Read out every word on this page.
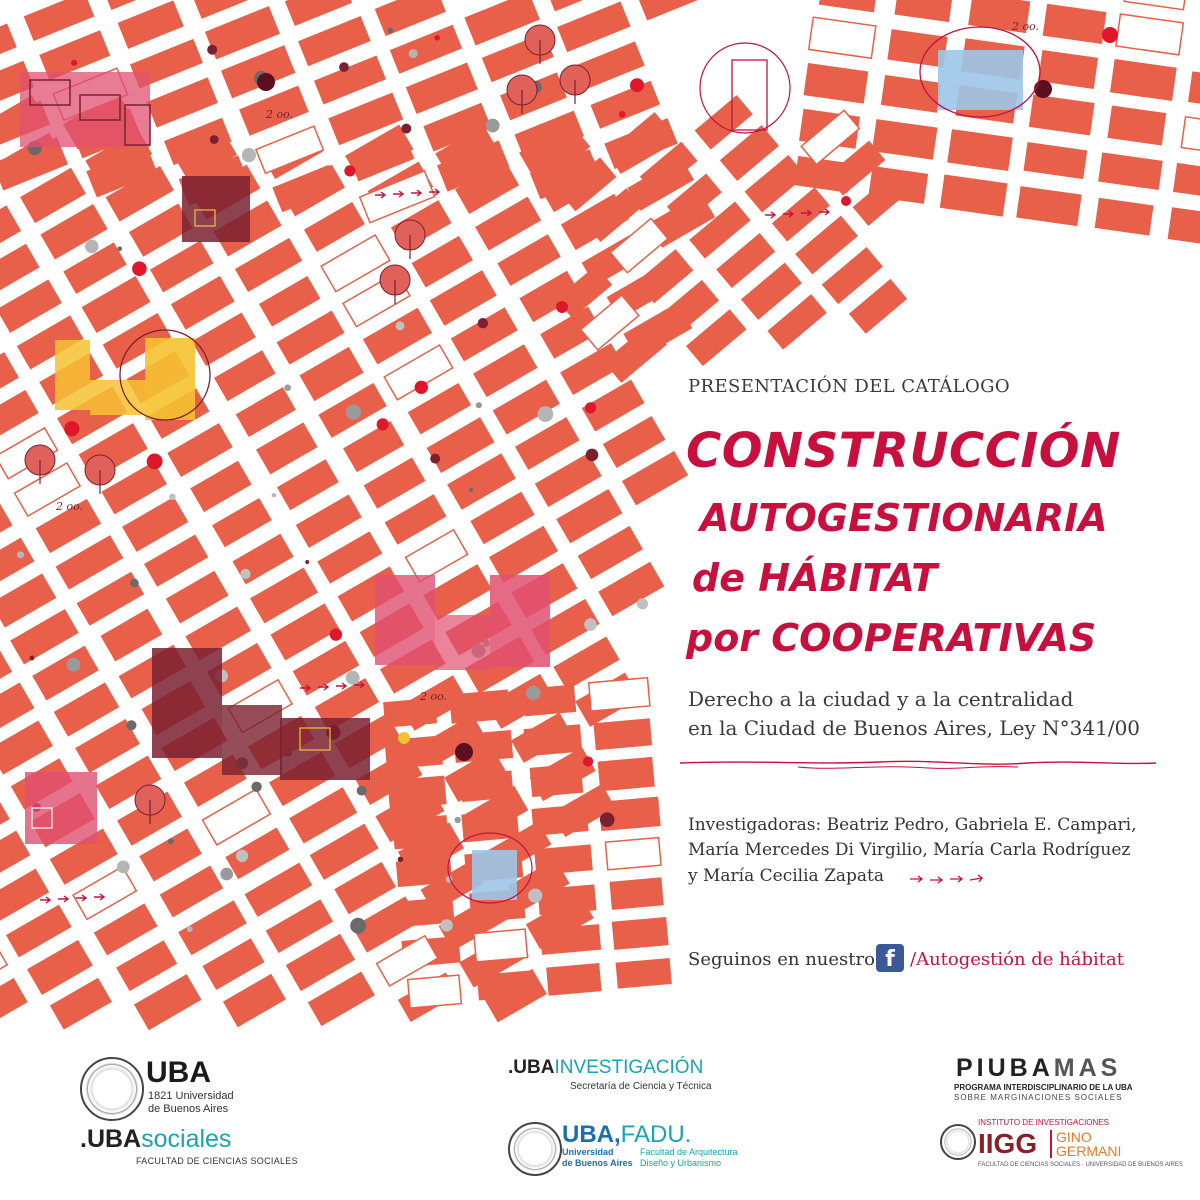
2 oo.
2 oo.
2 oo.
2 oo.
PRESENTACIÓN DEL CATÁLOGO
CONSTRUCCIÓN
AUTOGESTIONARIA
de HÁBITAT
por COOPERATIVAS
Derecho a la ciudad y a la centralidad
en la Ciudad de Buenos Aires, Ley N°341/00
Investigadoras: Beatriz Pedro, Gabriela E. Campari,
María Mercedes Di Virgilio, María Carla Rodríguez
y María Cecilia Zapata
Seguinos en nuestro f /Autogestión de hábitat
UBA
1821 Universidad
de Buenos Aires
.UBAsociales
FACULTAD DE CIENCIAS SOCIALES
.UBAINVESTIGACIÓN
Secretaría de Ciencia y Técnica
UBA,FADU.
Universidad
de Buenos Aires
Facultad de Arquitectura
Diseño y Urbanismo
PIUBAMAS
PROGRAMA INTERDISCIPLINARIO DE LA UBA
SOBRE MARGINACIONES SOCIALES
INSTITUTO DE INVESTIGACIONES
IIGG GINO
GERMANI
FACULTAD DE CIENCIAS SOCIALES · UNIVERSIDAD DE BUENOS AIRES
